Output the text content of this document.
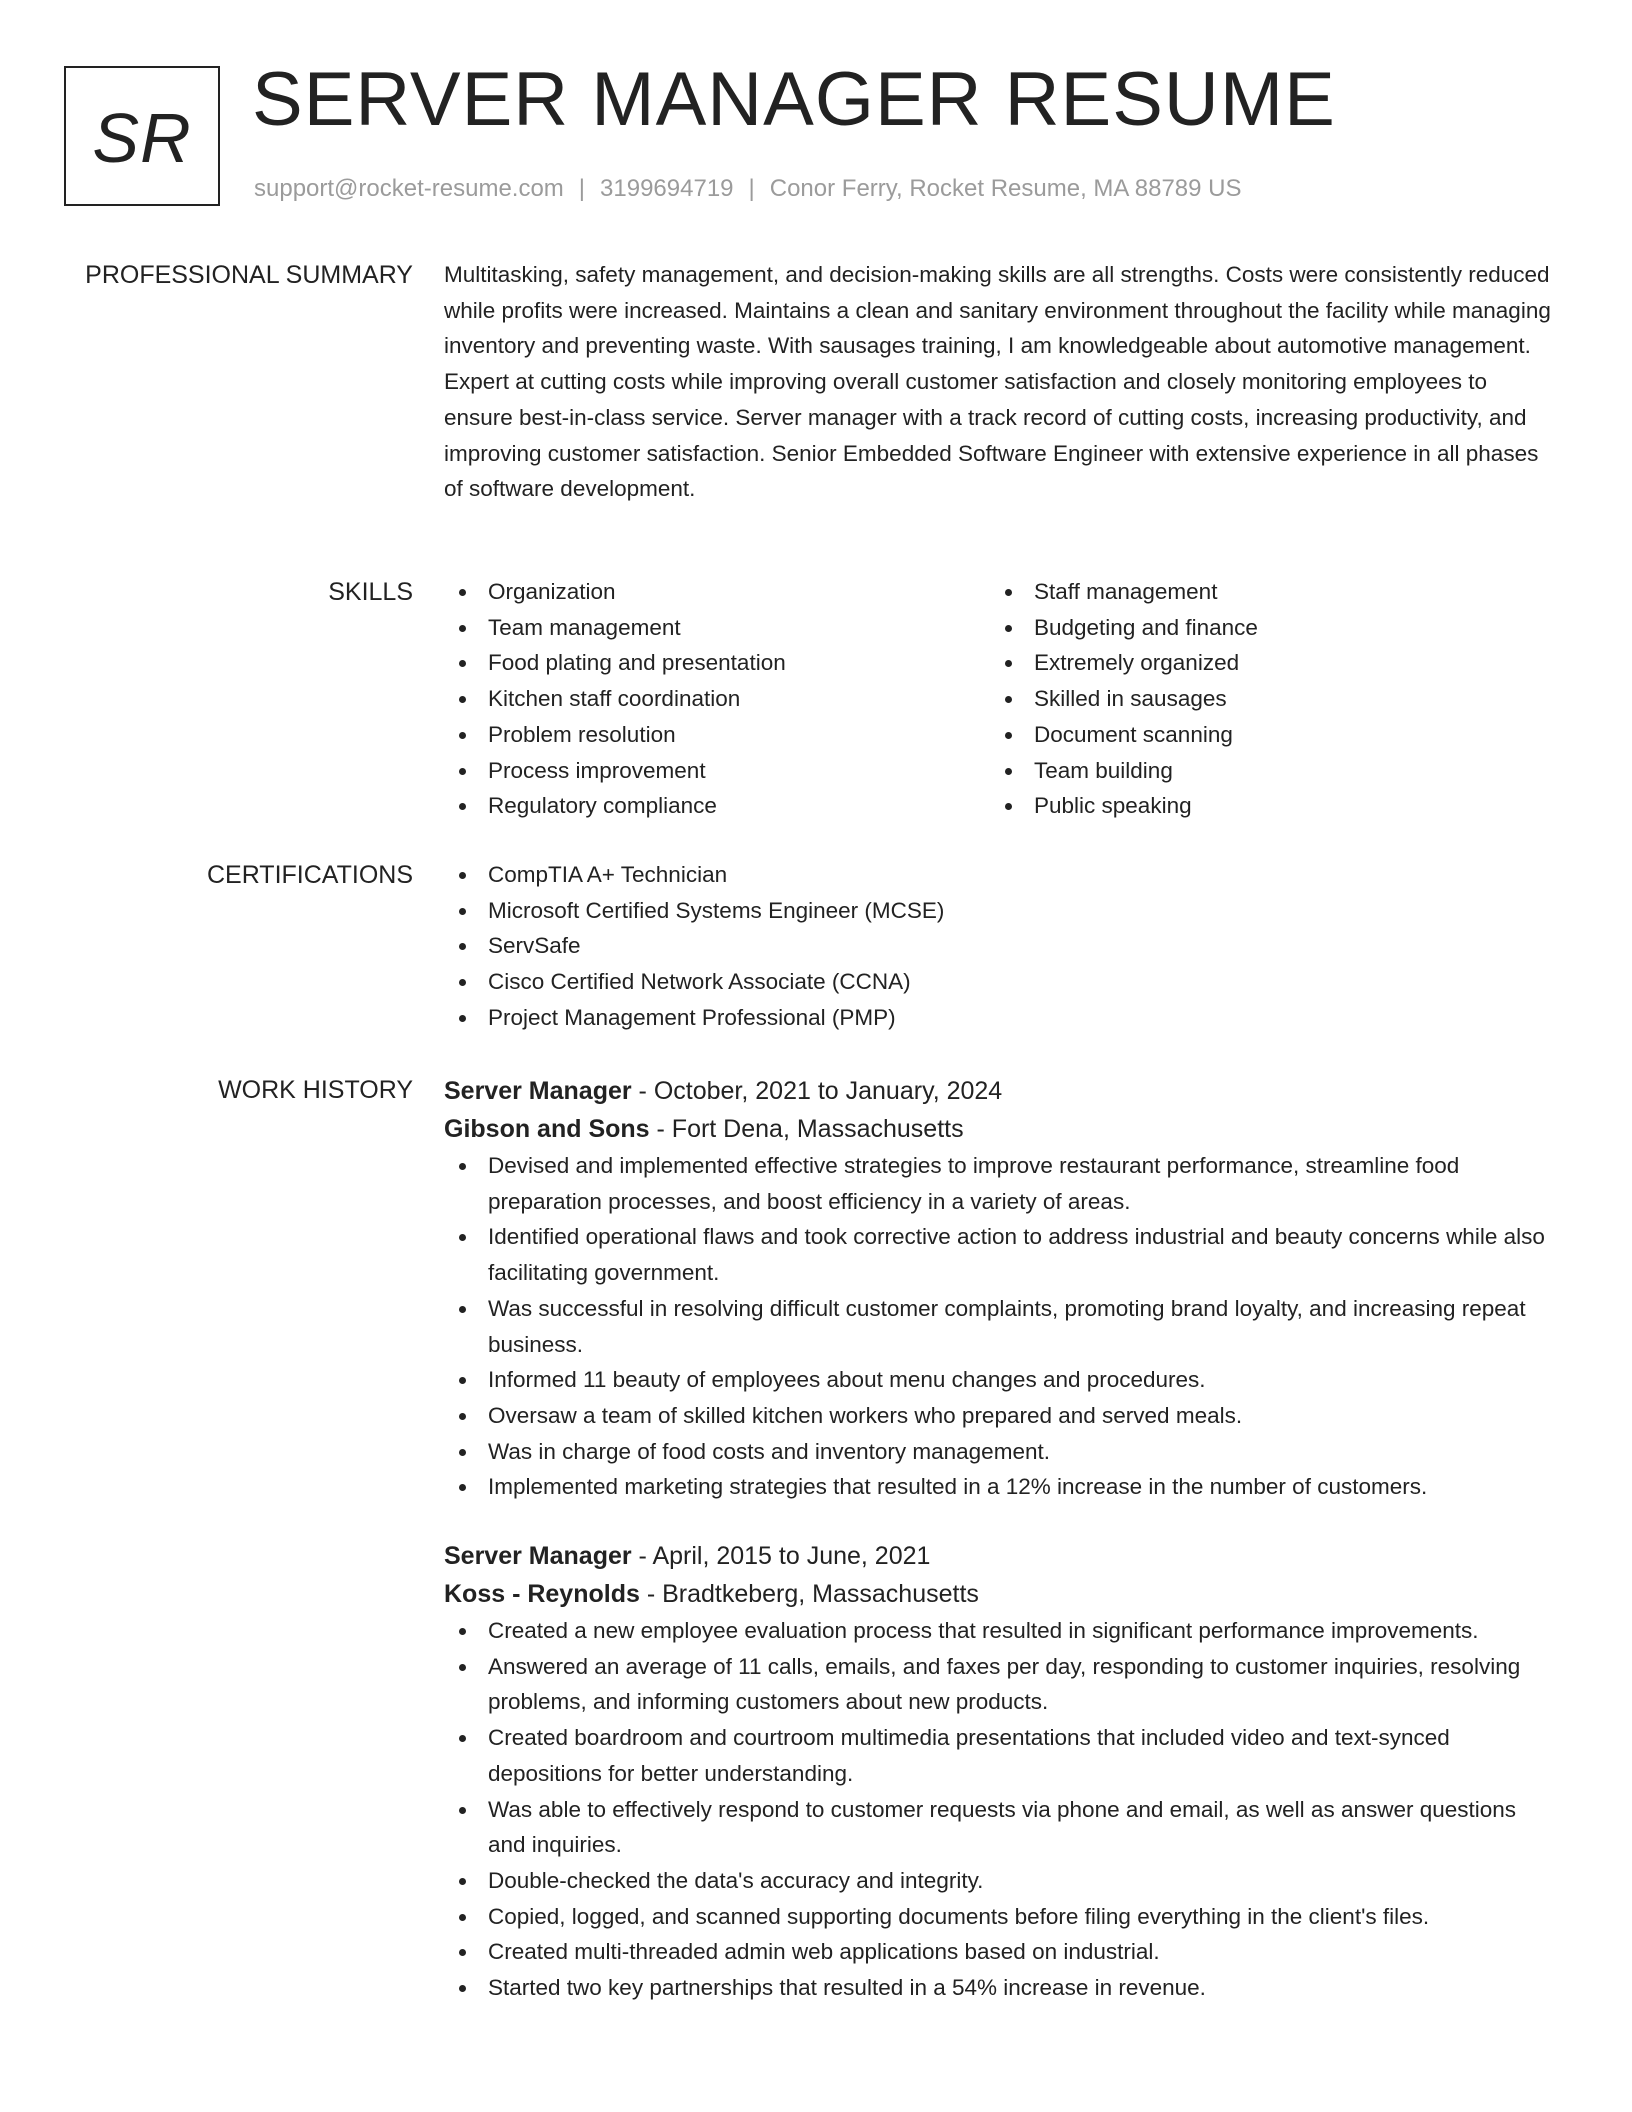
SR SERVER MANAGER RESUME
support@rocket-resume.com | 3199694719 | Conor Ferry, Rocket Resume, MA 88789 US
PROFESSIONAL SUMMARY Multitasking, safety management, and decision-making skills are all strengths. Costs were consistently reduced while profits were increased. Maintains a clean and sanitary environment throughout the facility while managing inventory and preventing waste. With sausages training, I am knowledgeable about automotive management. Expert at cutting costs while improving overall customer satisfaction and closely monitoring employees to ensure best-in-class service. Server manager with a track record of cutting costs, increasing productivity, and improving customer satisfaction. Senior Embedded Software Engineer with extensive experience in all phases of software development.

SKILLS	Organization
Team management
Food plating and presentation
Kitchen staff coordination
Problem resolution
Process improvement
Regulatory compliance
Staff management
Budgeting and finance
Extremely organized
Skilled in sausages
Document scanning
Team building
Public speaking
CERTIFICATIONS	CompTIA A+ Technician
Microsoft Certified Systems Engineer (MCSE)
ServSafe
Cisco Certified Network Associate (CCNA)
Project Management Professional (PMP)
WORK HISTORY Server Manager - October, 2021 to January, 2024
Gibson and Sons - Fort Dena, Massachusetts
Devised and implemented effective strategies to improve restaurant performance, streamline food preparation processes, and boost efficiency in a variety of areas.
Identified operational flaws and took corrective action to address industrial and beauty concerns while also facilitating government.
Was successful in resolving difficult customer complaints, promoting brand loyalty, and increasing repeat business.
Informed 11 beauty of employees about menu changes and procedures.
Oversaw a team of skilled kitchen workers who prepared and served meals.
Was in charge of food costs and inventory management.
Implemented marketing strategies that resulted in a 12% increase in the number of customers.
Server Manager - April, 2015 to June, 2021
Koss - Reynolds - Bradtkeberg, Massachusetts
Created a new employee evaluation process that resulted in significant performance improvements.
Answered an average of 11 calls, emails, and faxes per day, responding to customer inquiries, resolving problems, and informing customers about new products.
Created boardroom and courtroom multimedia presentations that included video and text-synced depositions for better understanding.
Was able to effectively respond to customer requests via phone and email, as well as answer questions and inquiries.
Double-checked the data's accuracy and integrity.
Copied, logged, and scanned supporting documents before filing everything in the client's files.
Created multi-threaded admin web applications based on industrial.
Started two key partnerships that resulted in a 54% increase in revenue.
